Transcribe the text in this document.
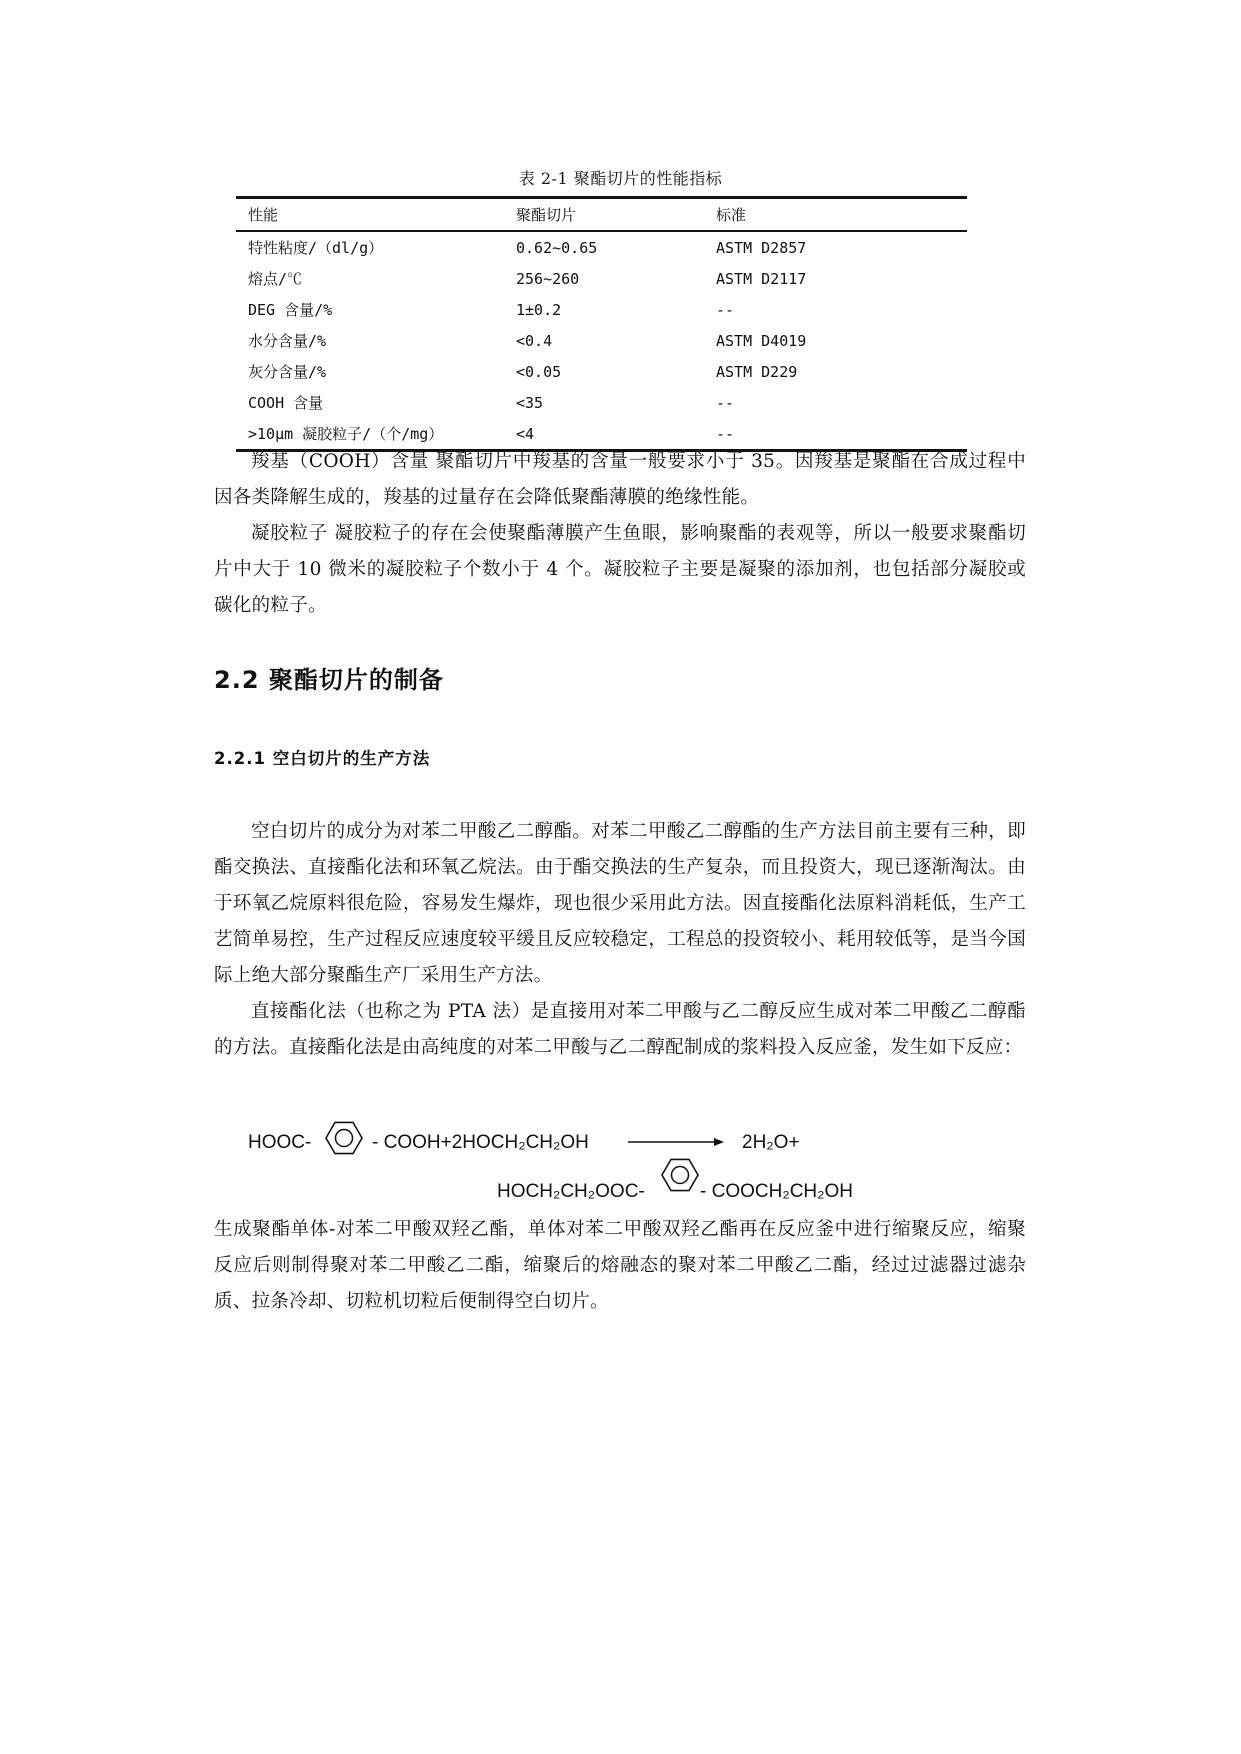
表 2-1 聚酯切片的性能指标
性能	聚酯切片	标准
特性粘度/（dl/g）	0.62~0.65	ASTM D2857
熔点/℃	256~260	ASTM D2117
DEG 含量/%	1±0.2	--
水分含量/%	<0.4	ASTM D4019
灰分含量/%	<0.05	ASTM D229
COOH 含量	<35	--
>10μm 凝胶粒子/（个/mg）	<4	--

羧基（COOH）含量 聚酯切片中羧基的含量一般要求小于 35。因羧基是聚酯在合成过程中因各类降解生成的，羧基的过量存在会降低聚酯薄膜的绝缘性能。

凝胶粒子 凝胶粒子的存在会使聚酯薄膜产生鱼眼，影响聚酯的表观等，所以一般要求聚酯切片中大于 10 微米的凝胶粒子个数小于 4 个。凝胶粒子主要是凝聚的添加剂，也包括部分凝胶或碳化的粒子。

2.2 聚酯切片的制备
2.2.1 空白切片的生产方法

空白切片的成分为对苯二甲酸乙二醇酯。对苯二甲酸乙二醇酯的生产方法目前主要有三种，即酯交换法、直接酯化法和环氧乙烷法。由于酯交换法的生产复杂，而且投资大，现已逐渐淘汰。由于环氧乙烷原料很危险，容易发生爆炸，现也很少采用此方法。因直接酯化法原料消耗低，生产工艺简单易控，生产过程反应速度较平缓且反应较稳定，工程总的投资较小、耗用较低等，是当今国际上绝大部分聚酯生产厂采用生产方法。

直接酯化法（也称之为 PTA 法）是直接用对苯二甲酸与乙二醇反应生成对苯二甲酸乙二醇酯的方法。直接酯化法是由高纯度的对苯二甲酸与乙二醇配制成的浆料投入反应釜，发生如下反应：

HOOC-	- COOH+2HOCH₂CH₂OH	2H₂O+
HOCH₂CH₂OOC-	- COOCH₂CH₂OH

生成聚酯单体-对苯二甲酸双羟乙酯，单体对苯二甲酸双羟乙酯再在反应釜中进行缩聚反应，缩聚反应后则制得聚对苯二甲酸乙二酯，缩聚后的熔融态的聚对苯二甲酸乙二酯，经过过滤器过滤杂质、拉条冷却、切粒机切粒后便制得空白切片。
